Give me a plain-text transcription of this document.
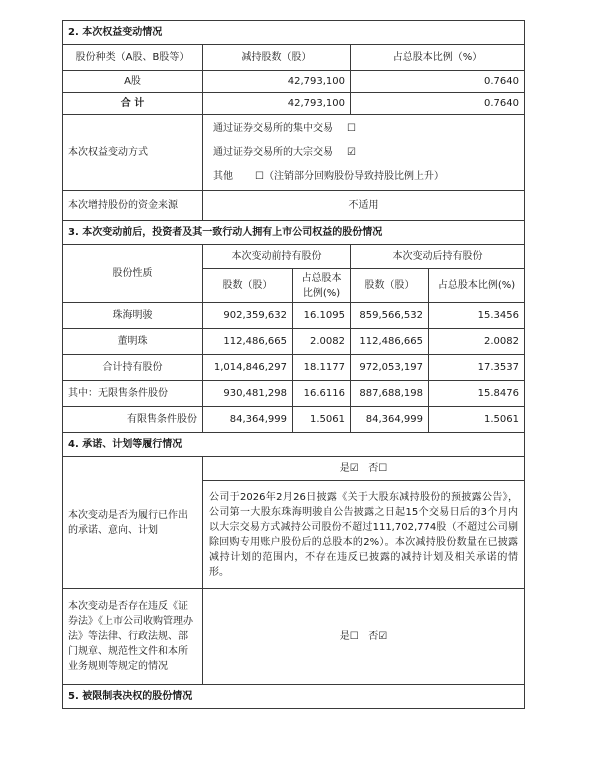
2. 本次权益变动情况				
股份种类（A股、B股等）	减持股数（股）		占总股本比例（%）	
A股	42,793,100		0.7640	
合 计	42,793,100		0.7640	
本次权益变动方式	通过证券交易所的集中交易 ☐
通过证券交易所的大宗交易 ☑
其他 ☐（注销部分回购股份导致持股比例上升）			

本次增持股份的资金来源	不适用			
3. 本次变动前后，投资者及其一致行动人拥有上市公司权益的股份情况				
股份性质	本次变动前持有股份		本次变动后持有股份	
	股数（股）	占总股本比例(%)	股数（股）	占总股本比例(%)
珠海明骏	902,359,632	16.1095	859,566,532	15.3456
董明珠	112,486,665	2.0082	112,486,665	2.0082
合计持有股份	1,014,846,297	18.1177	972,053,197	17.3537
其中：无限售条件股份	930,481,298	16.6116	887,688,198	15.8476
有限售条件股份	84,364,999	1.5061	84,364,999	1.5061
4. 承诺、计划等履行情况				
本次变动是否为履行已作出的承诺、意向、计划	是☑ 否☐			
	公司于2026年2月26日披露《关于大股东减持股份的预披露公告》，公司第一大股东珠海明骏自公告披露之日起15个交易日后的3个月内以大宗交易方式减持公司股份不超过111,702,774股（不超过公司剔除回购专用账户股份后的总股本的2%）。本次减持股份数量在已披露减持计划的范围内，不存在违反已披露的减持计划及相关承诺的情形。			
本次变动是否存在违反《证券法》《上市公司收购管理办法》等法律、行政法规、部门规章、规范性文件和本所业务规则等规定的情况	是☐ 否☑			
5. 被限制表决权的股份情况				
